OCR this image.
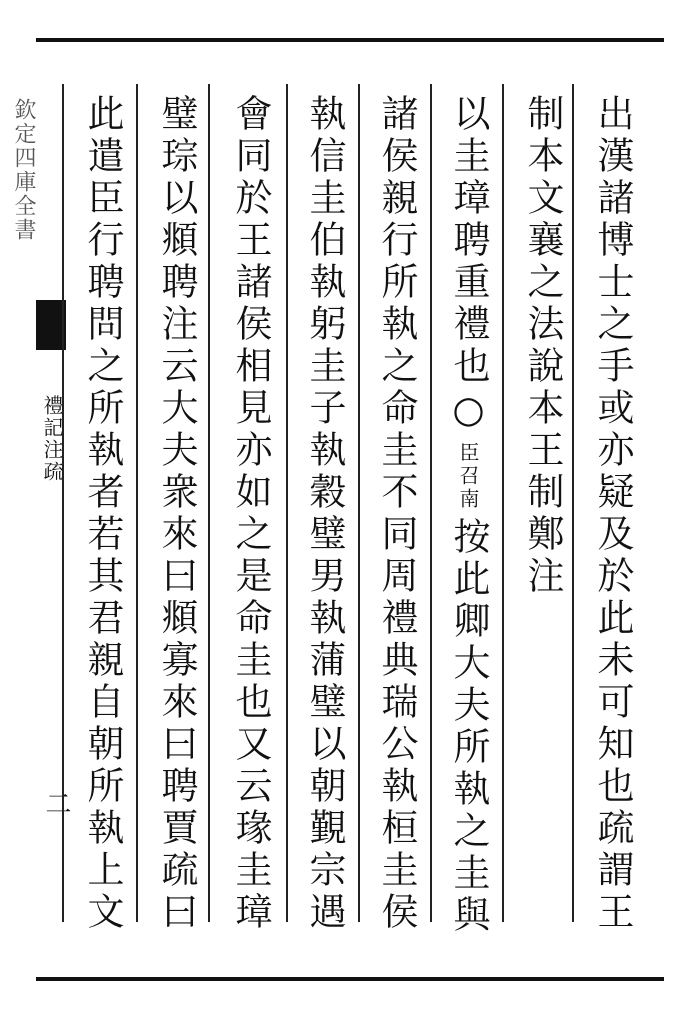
欽定四庫全書
禮記注疏
二	出漢諸博士之手或亦疑及於此未可知也疏謂王
制本文襄之法說本王制鄭注
以圭璋聘重禮也○臣召南按此卿大夫所執之圭與
諸侯親行所執之命圭不同周禮典瑞公執桓圭侯
執信圭伯執躬圭子執穀璧男執蒲璧以朝覲宗遇
會同於王諸侯相見亦如之是命圭也又云瑑圭璋
璧琮以頫聘注云大夫衆來曰頫寡來曰聘賈疏曰
此遣臣行聘問之所執者若其君親自朝所執上文
